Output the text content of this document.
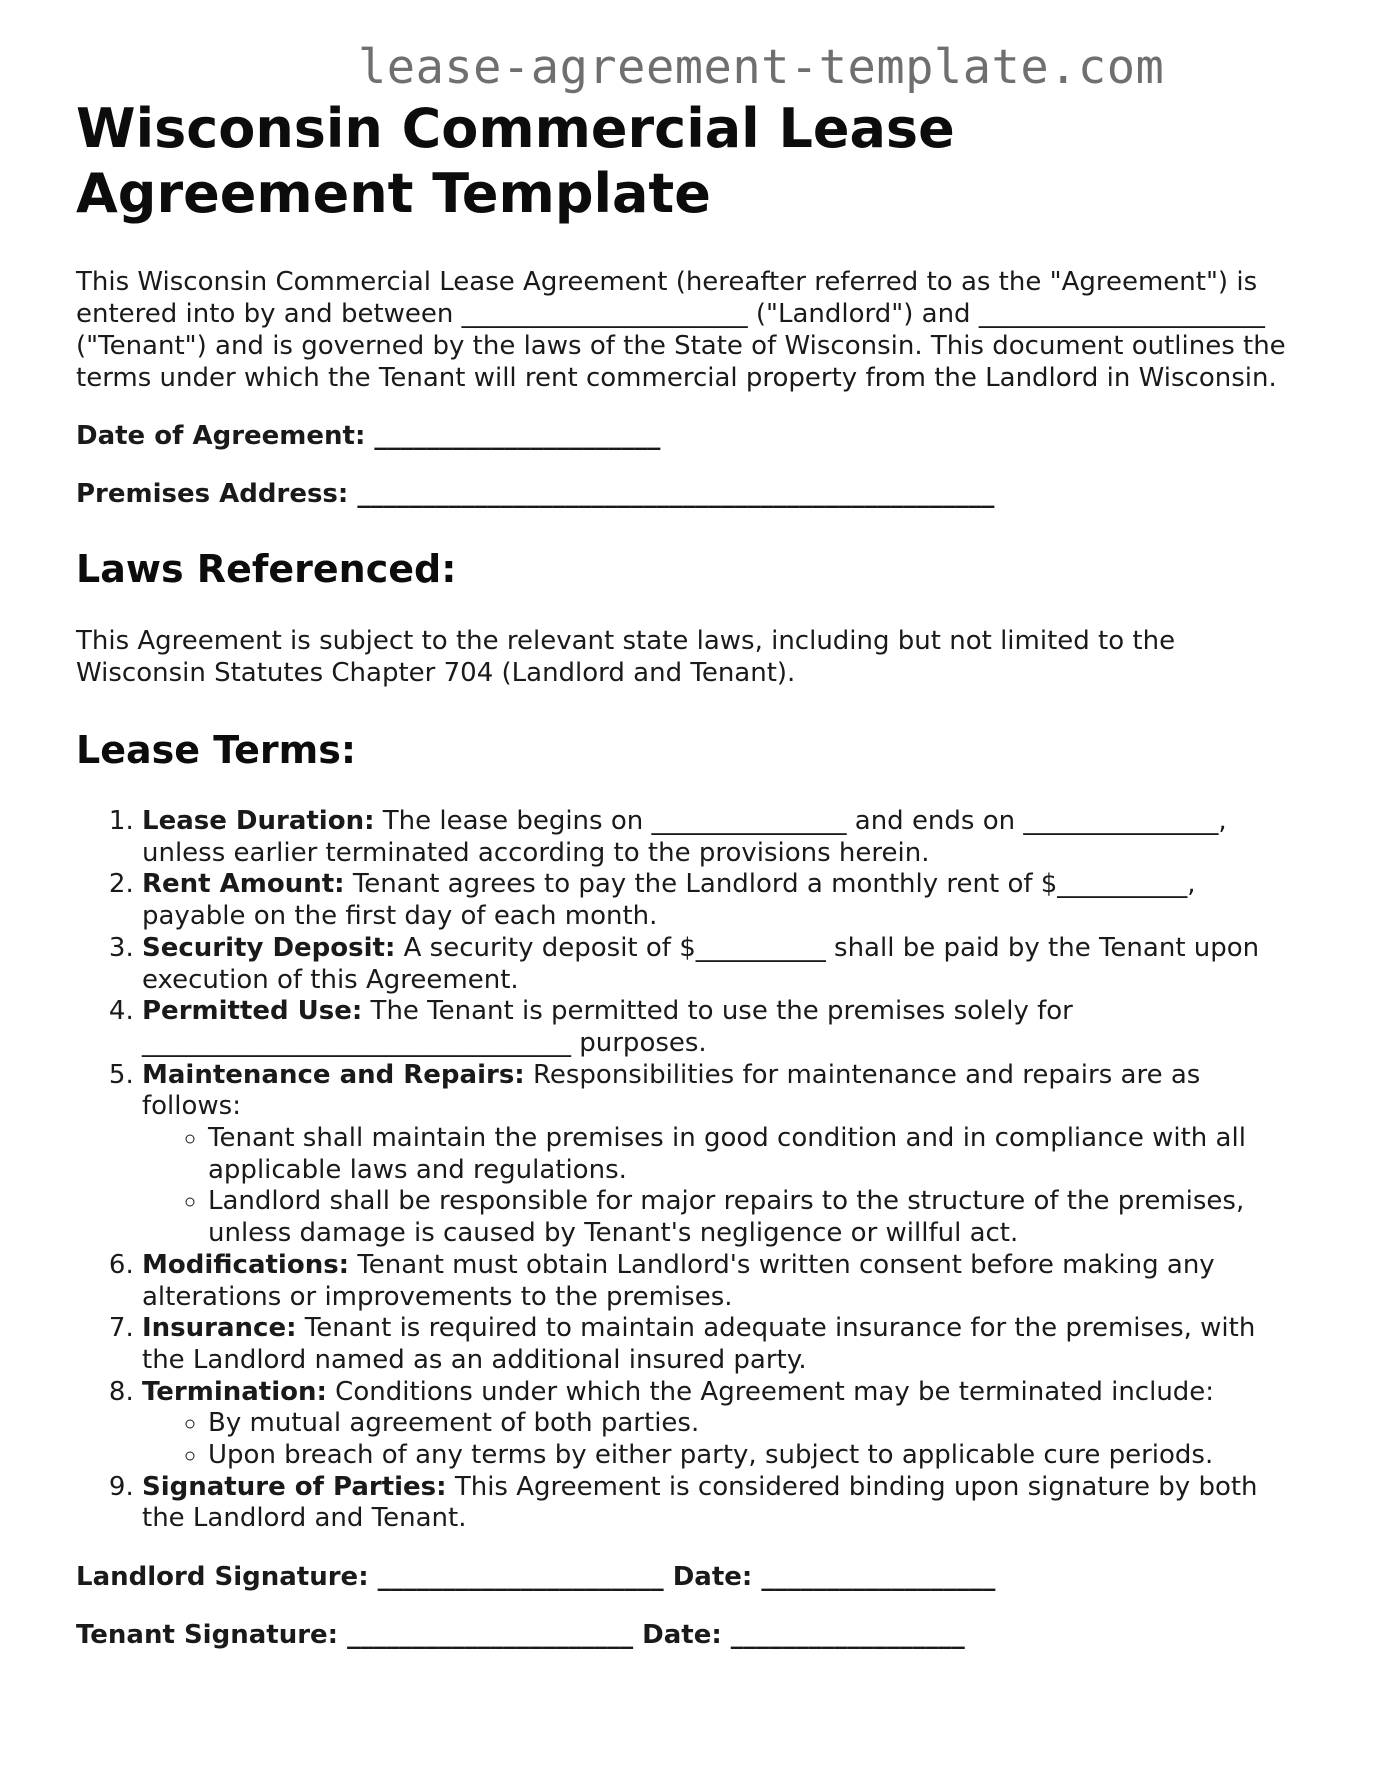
lease-agreement-template.com
Wisconsin Commercial Lease Agreement Template

This Wisconsin Commercial Lease Agreement (hereafter referred to as the "Agreement") is entered into by and between ______________________ ("Landlord") and ______________________ ("Tenant") and is governed by the laws of the State of Wisconsin. This document outlines the terms under which the Tenant will rent commercial property from the Landlord in Wisconsin.

Date of Agreement: ______________________

Premises Address: _________________________________________________

Laws Referenced:

This Agreement is subject to the relevant state laws, including but not limited to the Wisconsin Statutes Chapter 704 (Landlord and Tenant).

Lease Terms:
1. Lease Duration: The lease begins on _______________ and ends on _______________, unless earlier terminated according to the provisions herein.
2. Rent Amount: Tenant agrees to pay the Landlord a monthly rent of $__________, payable on the first day of each month.
3. Security Deposit: A security deposit of $__________ shall be paid by the Tenant upon execution of this Agreement.
4. Permitted Use: The Tenant is permitted to use the premises solely for _________________________________ purposes.
5. Maintenance and Repairs: Responsibilities for maintenance and repairs are as follows:
◦ Tenant shall maintain the premises in good condition and in compliance with all applicable laws and regulations.
◦ Landlord shall be responsible for major repairs to the structure of the premises, unless damage is caused by Tenant's negligence or willful act.
6. Modifications: Tenant must obtain Landlord's written consent before making any alterations or improvements to the premises.
7. Insurance: Tenant is required to maintain adequate insurance for the premises, with the Landlord named as an additional insured party.
8. Termination: Conditions under which the Agreement may be terminated include:
◦ By mutual agreement of both parties.
◦ Upon breach of any terms by either party, subject to applicable cure periods.
9. Signature of Parties: This Agreement is considered binding upon signature by both the Landlord and Tenant.

Landlord Signature: ______________________ Date: __________________

Tenant Signature: ______________________ Date: __________________
